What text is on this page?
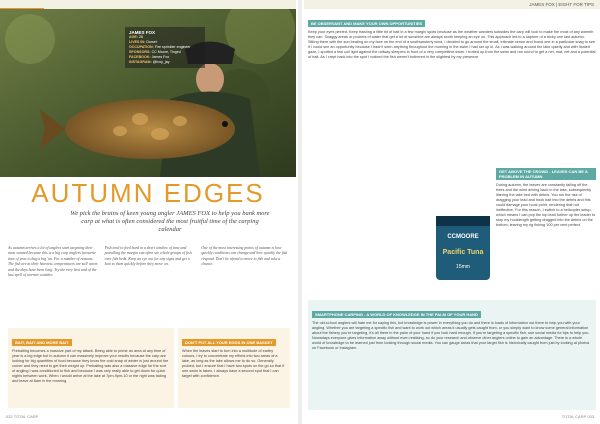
JAMES FOX | EIGHT FOR TIPS
JAMES FOX
AGE: 26
LIVES IN: Dorset
OCCUPATION: Fire sprinkler engineer
SPONSORS: CC Moore, Tinged
FACEBOOK: James Fox
INSTAGRAM: @foxy_jay
AUTUMN EDGES
We pick the brains of keen young angler JAMES FOX to help you bank more carp at what is often considered the most fruitful time of the carping calendar
As autumn arrives a lot of anglers start targeting their most wanted because this is a big carp anglers favourite time of year to bag a big 'un. For a number of reasons. The fish are at their heaviest, temperatures are still warm and the days have been long. Try the very best and of the last spell of warmer weather.
Fish tend to feed hard in a short window of time and patrolling the margin can often see whole groups of fish over fish beds. Keep an eye out for any signs and get a bait to them quickly before they move on.
One of the most interesting points of autumn is how quickly conditions can change and how quickly the fish respond. Don't be afraid to move to fish and take a chance.
BAIT, BAIT AND MORE BAIT
Prebaiting becomes a massive part of my attack. Being able to prime an area at any time of year is a big edge but in autumn it can massively improve your results because the carp are looking for big quantities of food because they know the cold snap of winter is just around the corner and they need to get their weight up. Prebaiting was also a massive edge for the sort of angling I was conditioned to fish and because I was only really able to get down for quick nights between work. When I would arrive at the lake at 7pm-9pm-10 or the right was fading and leave at 8am in the morning.
DON'T PUT ALL YOUR EGGS IN ONE BASKET
When the leaves start to turn into a multitude of earthy colours, I try to concentrate my efforts into two areas of a lake, as long as the lake allows me to do so. Generally probed, but I ensure that I have two spots on the go so that if one swim is taken, I always have a second spot that I can target with confidence.
BE OBSERVANT AND MAKE YOUR OWN OPPORTUNITIES
Keep your eyes peeled. Keep trawling a little bit of bait in a few margin spots because as the weather wanders subsides the carp will look to make the most of any warmth they can. Snaggy areas or pockets of water that get a lot of sunshine are always worth keeping an eye on. This approach led to a capture of a tricky one last autumn. Sitting there with the sun beating on my face on the end of a southwesterly wind, I decided to go around the small, intimate venue and found one in a particular snag to see if I could see an opportunity because I hadn't seen anything throughout the morning in the swim I had set up in. As I was walking around the lake quietly and with fixated gaze, I spotted a few coil light against the railway sleepers in front of a very competitive swim. I trotted up from the swim and ran round to get a net, mat, net and a potential of bait. As I crept back into the spot I noticed the fish weren't bothered in the slightest by my presence.
CCMOORE
Pacific Tuna
15mm
GET ABOVE THE CROWD - LEAVES CAN BE A PROBLEM IN AUTUMN
During autumn, the leaves are constantly falling off the trees and the wind driving back in the lake, subsequently littering the lake bed with debris. You run the risk of dragging your lead and hook bait into the debris and this could damage your hook point, rendering that rod ineffective. For this reason, I switch to a helicopter setup, which means I can pop the top lead further up the leader to stop my hooklength getting dragged into the debris on the bottom, leaving my rig fishing 100 per cent perfect.
SMARTPHONE CARPING - A WORLD OF KNOWLEDGE IN THE PALM OF YOUR HAND
The old-school anglers will hate me for saying this, but knowledge is power in everything you do and there is loads of information out there to help you with your angling. Whether you are targeting a specific fish and want to work out which areas it usually gets caught from, or you simply want to know some general information about the fishery you're targeting, it's all there in the palm of your hand if you look hard enough. If you're targeting a specific fish, use social media for tips to help you. Nowadays everyone gives information away without even realising, so do your research and observe other anglers online to gain an advantage. There is a whole world of knowledge to be learned just from looking through social media. You can gauge areas that your target fish is historically caught from just by looking at photos on Facebook or Instagram.
032 TOTAL CARP	TOTAL CARP 033
